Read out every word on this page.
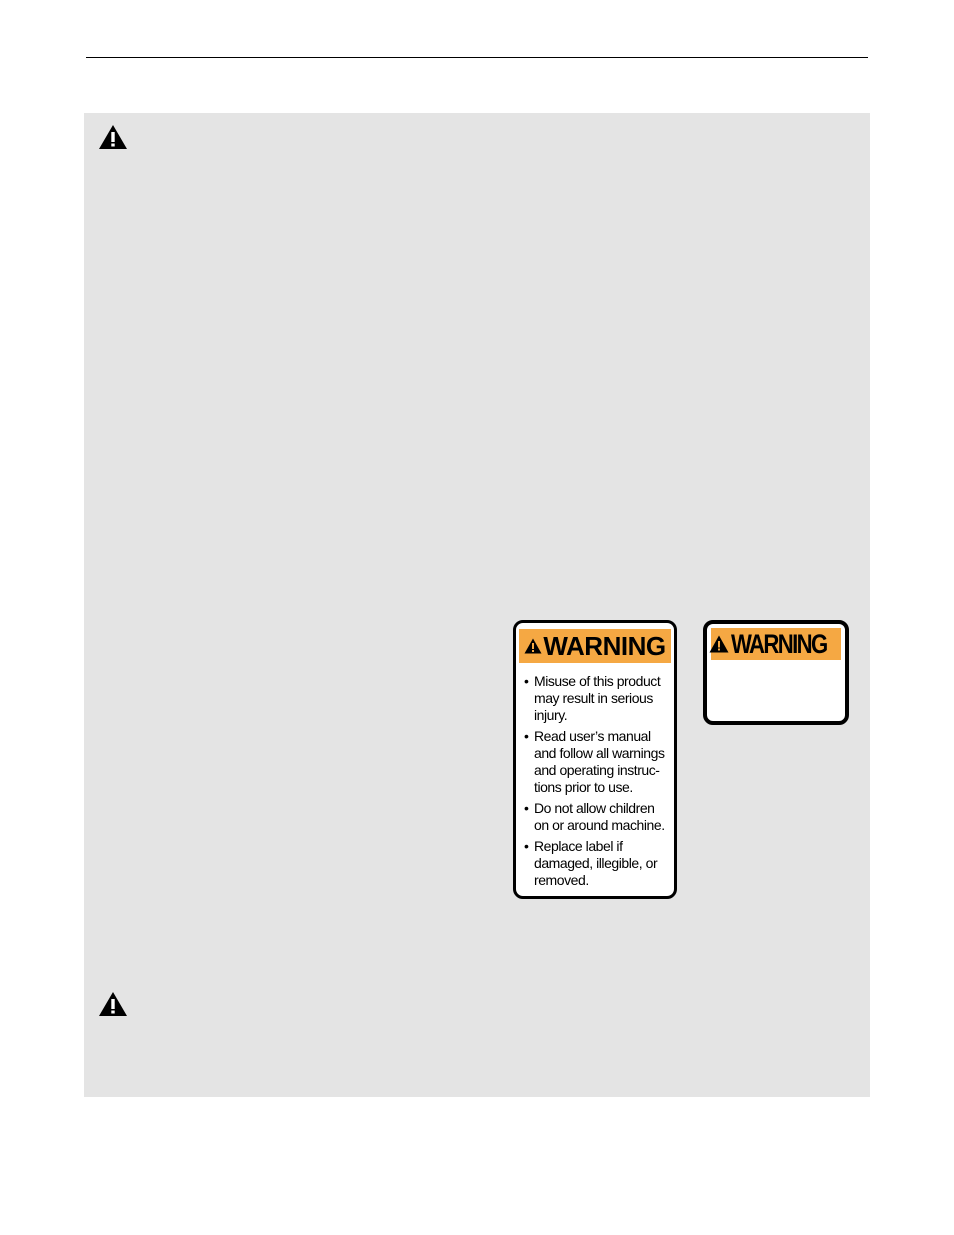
WARNING
• Misuse of this product
may result in serious
injury.
• Read user’s manual
and follow all warnings
and operating instruc-
tions prior to use.
• Do not allow children
on or around machine.
• Replace label if
damaged, illegible, or
removed.
WARNING
